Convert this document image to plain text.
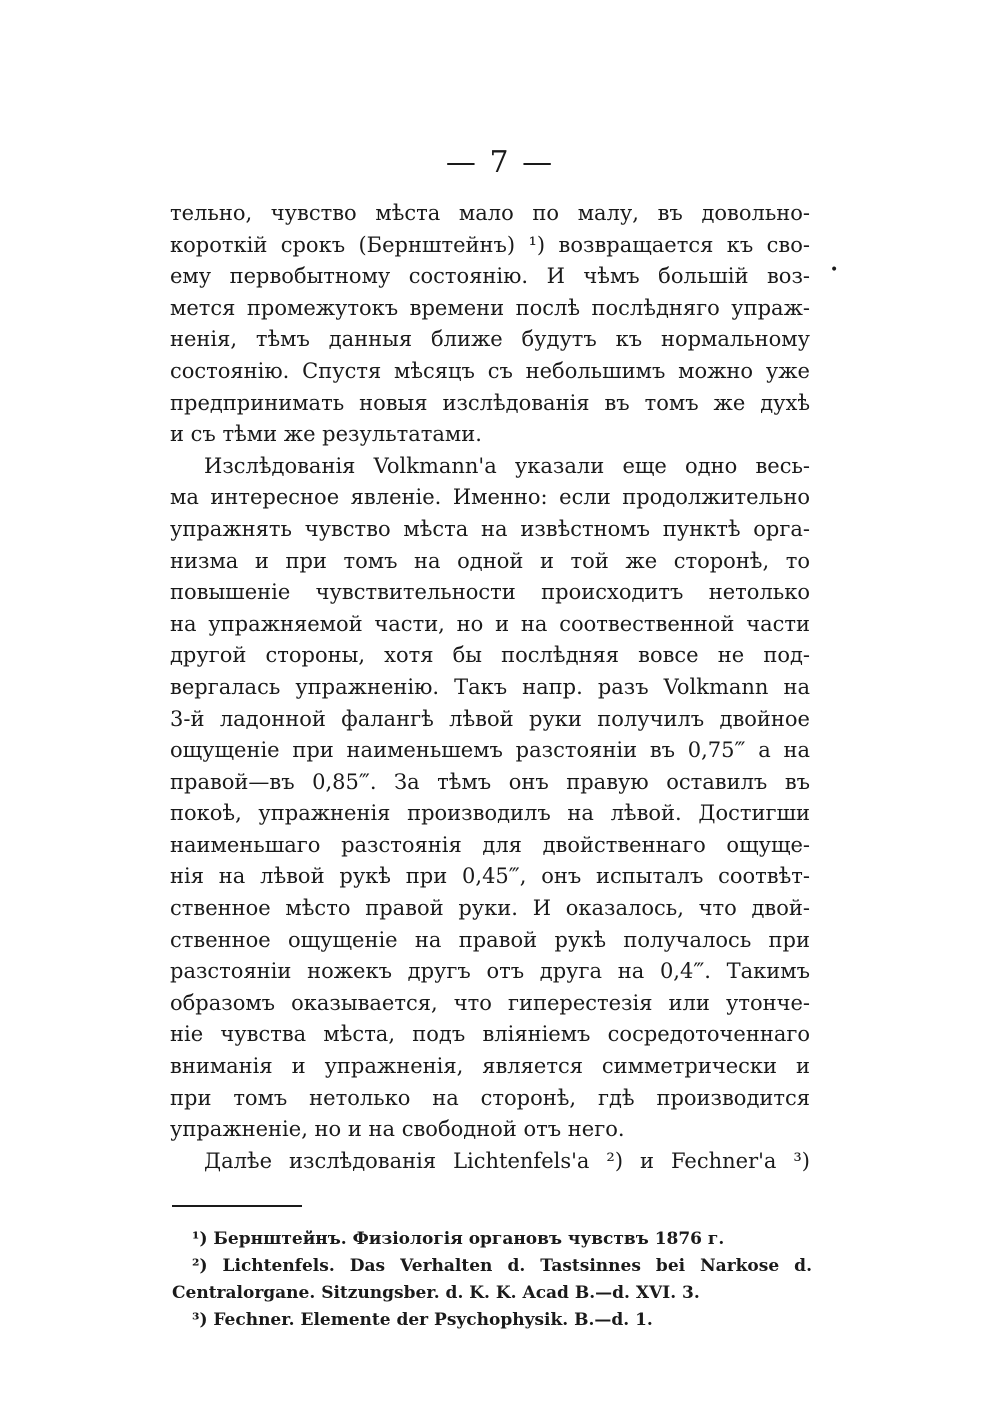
— 7 —
•
тельно, чувство мѣста мало по малу, въ довольно-
короткій срокъ (Бернштейнъ) ¹) возвращается къ сво-
ему первобытному состоянію. И чѣмъ большій воз-
мется промежутокъ времени послѣ послѣдняго упраж-
ненія, тѣмъ данныя ближе будутъ къ нормальному
состоянію. Спустя мѣсяцъ съ небольшимъ можно уже
предпринимать новыя изслѣдованія въ томъ же духѣ
и съ тѣми же результатами.
Изслѣдованія Volkmann'а указали еще одно весь-
ма интересное явленіе. Именно: если продолжительно
упражнять чувство мѣста на извѣстномъ пунктѣ орга-
низма и при томъ на одной и той же сторонѣ, то
повышеніе чувствительности происходитъ нетолько
на упражняемой части, но и на соотвественной части
другой стороны, хотя бы послѣдняя вовсе не под-
вергалась упражненію. Такъ напр. разъ Volkmann на
3-й ладонной фалангѣ лѣвой руки получилъ двойное
ощущеніе при наименьшемъ разстояніи въ 0,75‴ а на
правой—въ 0,85‴. За тѣмъ онъ правую оставилъ въ
покоѣ, упражненія производилъ на лѣвой. Достигши
наименьшаго разстоянія для двойственнаго ощуще-
нія на лѣвой рукѣ при 0,45‴, онъ испыталъ соотвѣт-
ственное мѣсто правой руки. И оказалось, что двой-
ственное ощущеніе на правой рукѣ получалось при
разстояніи ножекъ другъ отъ друга на 0,4‴. Такимъ
образомъ оказывается, что гиперестезія или утонче-
ніе чувства мѣста, подъ вліяніемъ сосредоточеннаго
вниманія и упражненія, является симметрически и
при томъ нетолько на сторонѣ, гдѣ производится
упражненіе, но и на свободной отъ него.
Далѣе изслѣдованія Lichtenfels'а ²) и Fechner'а ³)
¹) Бернштейнъ. Физіологія органовъ чувствъ 1876 г.
²) Lichtenfels. Das Verhalten d. Tastsinnes bei Narkose d.
Centralorgane. Sitzungsber. d. K. K. Acad B.—d. XVI. 3.
³) Fechner. Elemente der Psychophysik. B.—d. 1.
